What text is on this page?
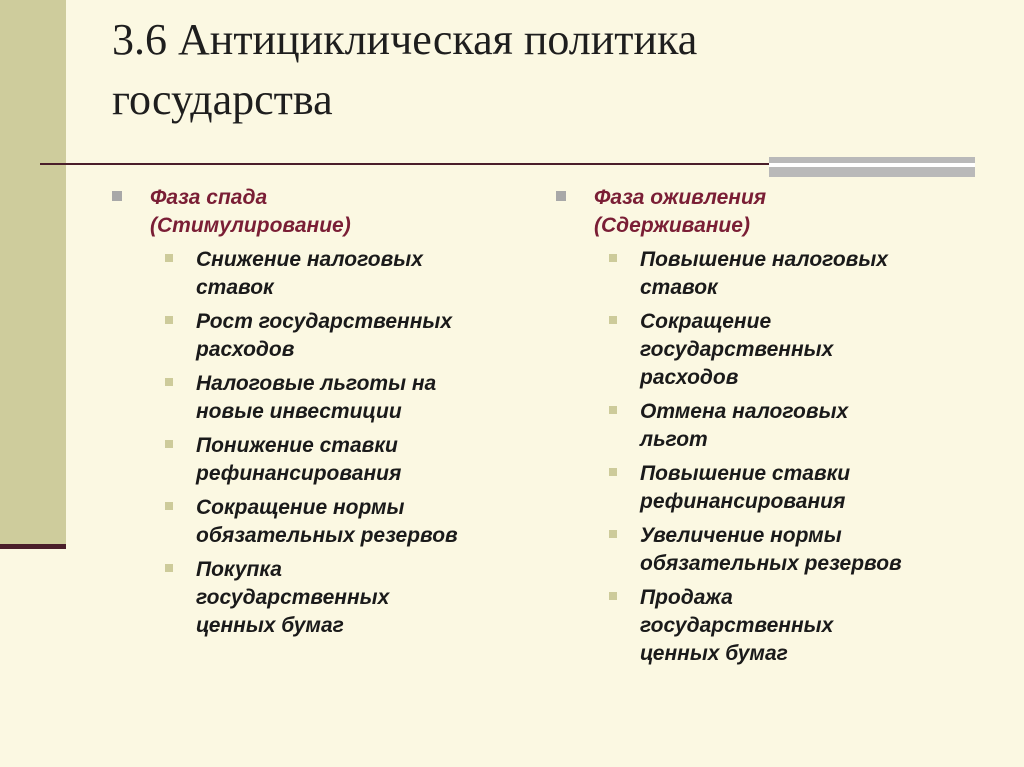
3.6 Антициклическая политика
государства
Фаза спада
(Стимулирование)
Снижение налоговых
ставок
Рост государственных
расходов
Налоговые льготы на
новые инвестиции
Понижение ставки
рефинансирования
Сокращение нормы
обязательных резервов
Покупка
государственных
ценных бумаг
Фаза оживления
(Сдерживание)
Повышение налоговых
ставок
Сокращение
государственных
расходов
Отмена налоговых
льгот
Повышение ставки
рефинансирования
Увеличение нормы
обязательных резервов
Продажа
государственных
ценных бумаг
